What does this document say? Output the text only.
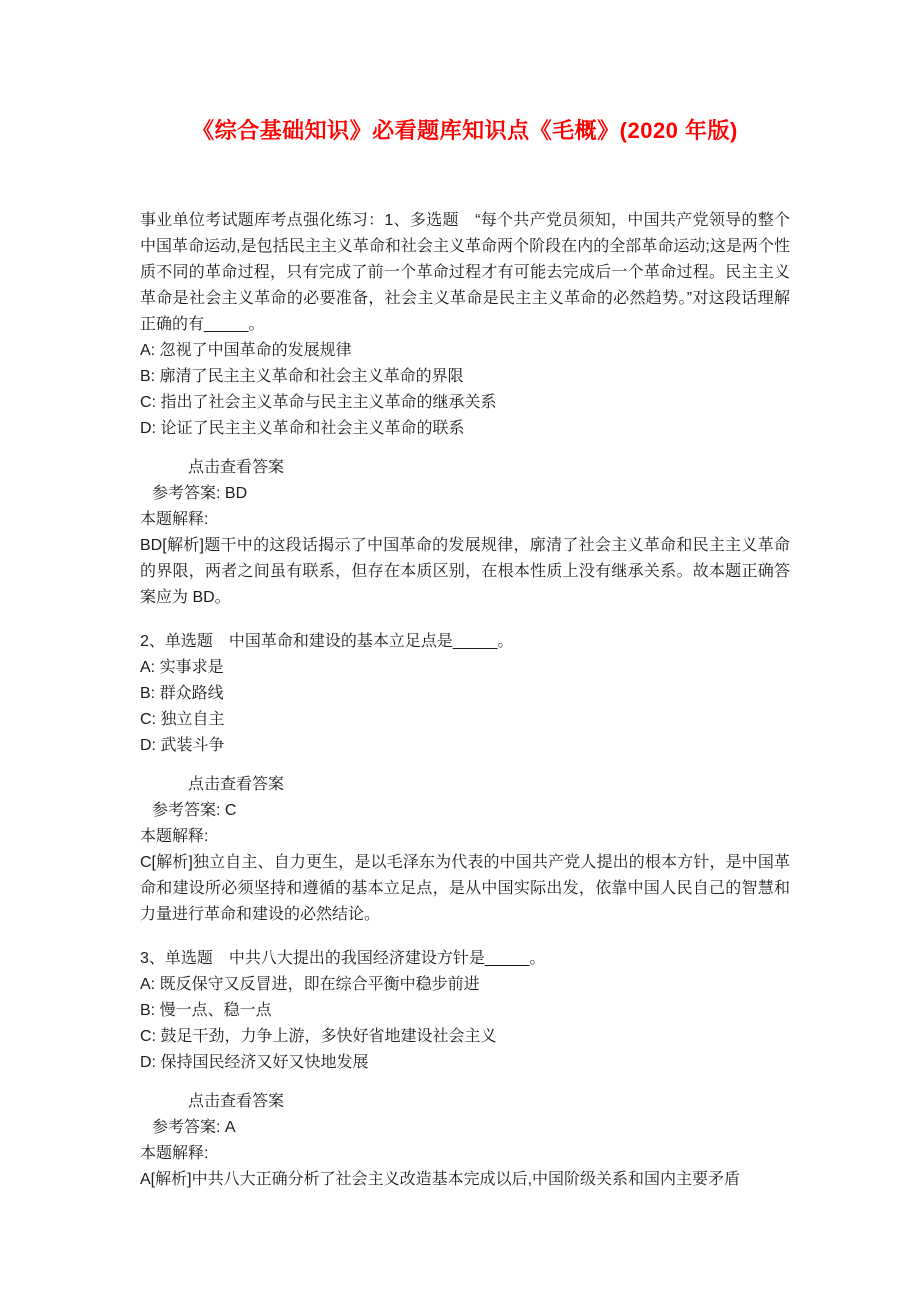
《综合基础知识》必看题库知识点《毛概》(2020 年版)

事业单位考试题库考点强化练习：1、多选题　“每个共产党员须知，中国共产党领导的整个中国革命运动,是包括民主主义革命和社会主义革命两个阶段在内的全部革命运动;这是两个性质不同的革命过程，只有完成了前一个革命过程才有可能去完成后一个革命过程。民主主义革命是社会主义革命的必要准备，社会主义革命是民主主义革命的必然趋势。”对这段话理解正确的有_____。

A: 忽视了中国革命的发展规律

B: 廓清了民主主义革命和社会主义革命的界限

C: 指出了社会主义革命与民主主义革命的继承关系

D: 论证了民主主义革命和社会主义革命的联系

点击查看答案

参考答案: BD

本题解释:

BD[解析]题干中的这段话揭示了中国革命的发展规律，廓清了社会主义革命和民主主义革命的界限，两者之间虽有联系，但存在本质区别，在根本性质上没有继承关系。故本题正确答案应为 BD。

2、单选题　中国革命和建设的基本立足点是_____。

A: 实事求是

B: 群众路线

C: 独立自主

D: 武装斗争

点击查看答案

参考答案: C

本题解释:

C[解析]独立自主、自力更生，是以毛泽东为代表的中国共产党人提出的根本方针，是中国革命和建设所必须坚持和遵循的基本立足点，是从中国实际出发，依靠中国人民自己的智慧和力量进行革命和建设的必然结论。

3、单选题　中共八大提出的我国经济建设方针是_____。

A: 既反保守又反冒进，即在综合平衡中稳步前进

B: 慢一点、稳一点

C: 鼓足干劲，力争上游，多快好省地建设社会主义

D: 保持国民经济又好又快地发展

点击查看答案

参考答案: A

本题解释:

A[解析]中共八大正确分析了社会主义改造基本完成以后,中国阶级关系和国内主要矛盾
